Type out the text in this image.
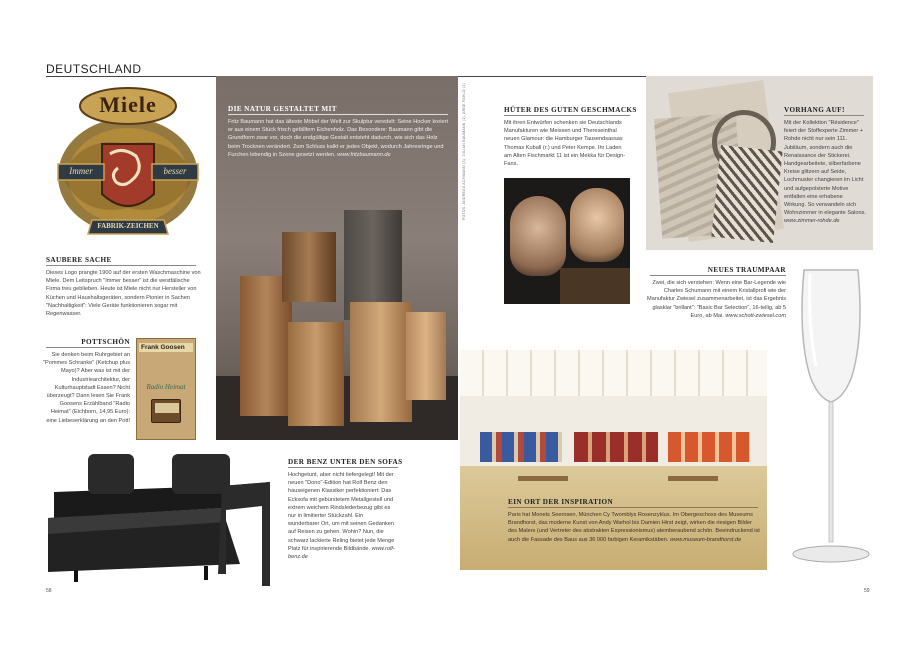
DEUTSCHLAND
Miele
Immer	besser
FABRIK-ZEICHEN
SAUBERE SACHE
Dieses Logo prangte 1900 auf der ersten Waschmaschine von Miele. Dem Leitspruch "Immer besser" ist die westfälische Firma treu geblieben. Heute ist Miele nicht nur Hersteller von Küchen und Haushaltsgeräten, sondern Pionier in Sachen "Nachhaltigkeit": Viele Geräte funktionieren sogar mit Regenwasser.
POTTSCHÖN
Sie denken beim Ruhrgebiet an "Pommes Schranke" (Ketchup plus Mayo)? Aber was ist mit der Industriearchitektur, der Kulturhauptstadt Essen? Nicht überzeugt? Dann lesen Sie Frank Goosens Erzählband "Radio Heimat" (Eichborn, 14,95 Euro): eine Liebeserklärung an den Pott!
Frank Goosen
Radio Heimat
DIE NATUR GESTALTET MIT
Fritz Baumann hat das älteste Möbel der Welt zur Skulptur veredelt: Seine Hocker kreiert er aus einem Stück frisch gefälltem Eichenholz. Das Besondere: Baumann gibt die Grundform zwar vor, doch die endgültige Gestalt entsteht dadurch, wie sich das Holz beim Trocknen verändert. Zum Schluss kalkt er jedes Objekt, wodurch Jahresringe und Furchen lebendig in Szene gesetzt werden. www.fritzbaumann.de
DER BENZ UNTER DEN SOFAS
Hochgetunt, aber nicht tiefergelegt! Mit der neuen "Dono"-Edition hat Rolf Benz den hauseigenen Klassiker perfektioniert: Das Ecksofa mit gebürstetem Metallgestell und extrem weichem Rindslederbezug gibt es nur in limitierter Stückzahl. Ein wunderbarer Ort, um mit seinen Gedanken auf Reisen zu gehen. Wohin? Nun, die schwarz lackierte Reling bietet jede Menge Platz für inspirierende Bildbände. www.rolf-benz.de
FOTOS: ANDREAS ACHMANN (3), JULIAN BAUMANN (1), ARNE FAHLO (1)	HÜTER DES GUTEN GESCHMACKS
Mit ihren Entwürfen schenken sie Deutschlands Manufakturen wie Meissen und Thereseinthal neuen Glamour: die Hamburger Tausendsassas Thomas Kuball (r.) und Peter Kempe. Ihr Laden am Alten Fischmarkt 11 ist ein Mekka für Design-Fans.
VORHANG AUF!
Mit der Kollektion "Résidence" feiert der Stoffexperte Zimmer + Rohde nicht nur sein 111. Jubiläum, sondern auch die Renaissance der Stickerei. Handgearbeitete, silberfarbene Kreise glitzern auf Seide, Lochmuster changieren im Licht und aufgepolsterte Motive entfalten eine erhabene Wirkung. So verwandeln sich Wohnzimmer in elegante Salons. www.zimmer-rohde.de
NEUES TRAUMPAAR
Zwei, die sich verstehen: Wenn eine Bar-Legende wie Charles Schumann mit einem Kristallprofi wie der Manufaktur Zwiesel zusammenarbeitet, ist das Ergebnis glasklar "brillant": "Basic Bar Selection", 16-teilig, ab 5 Euro, ab Mai. www.schott-zwiesel.com
EIN ORT DER INSPIRATION
Paris hat Monets Seerosen, München Cy Twomblys Rosenzyklus. Im Obergeschoss des Museums Brandhorst, das moderne Kunst von Andy Warhol bis Damien Hirst zeigt, wirken die riesigen Bilder des Malers (und Vertreter des abstrakten Expressionismus) atemberaubend schön. Beeindruckend ist auch die Fassade des Baus aus 36 000 farbigen Keramikstäben. www.museum-brandhorst.de
58	59
